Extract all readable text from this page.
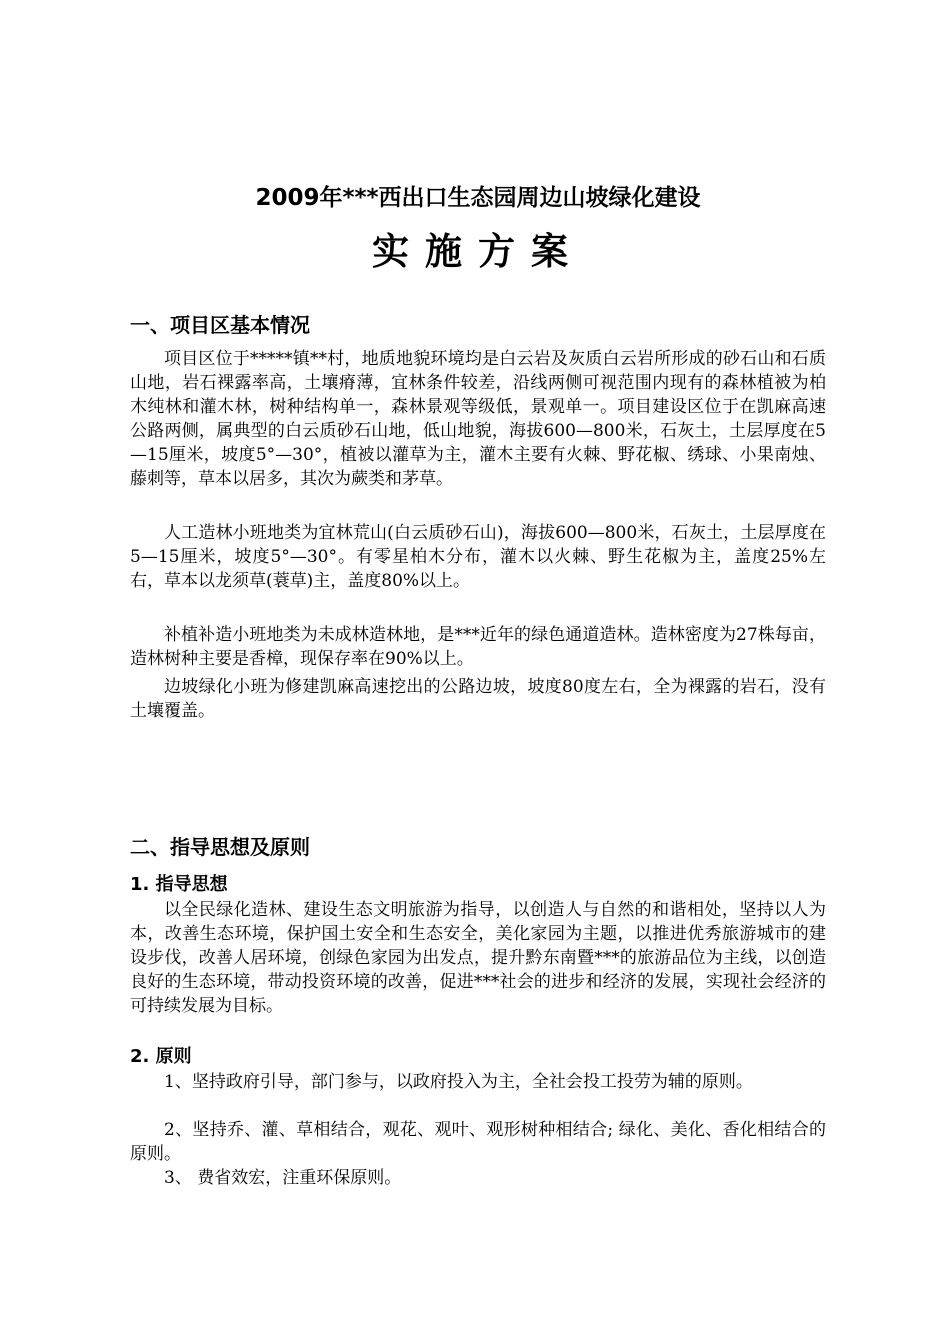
2009年***西出口生态园周边山坡绿化建设
实施方案
一、项目区基本情况

项目区位于*****镇**村，地质地貌环境均是白云岩及灰质白云岩所形成的砂石山和石质山地，岩石裸露率高，土壤瘠薄，宜林条件较差，沿线两侧可视范围内现有的森林植被为柏木纯林和灌木林，树种结构单一，森林景观等级低，景观单一。项目建设区位于在凯麻高速公路两侧，属典型的白云质砂石山地，低山地貌，海拔600—800米，石灰土，土层厚度在5—15厘米，坡度5°—30°，植被以灌草为主，灌木主要有火棘、野花椒、绣球、小果南烛、藤刺等，草本以居多，其次为蕨类和茅草。

人工造林小班地类为宜林荒山(白云质砂石山)，海拔600—800米，石灰土，土层厚度在5—15厘米，坡度5°—30°。有零星柏木分布，灌木以火棘、野生花椒为主，盖度25%左右，草本以龙须草(蓑草)主，盖度80%以上。

补植补造小班地类为未成林造林地，是***近年的绿色通道造林。造林密度为27株每亩，造林树种主要是香樟，现保存率在90%以上。

边坡绿化小班为修建凯麻高速挖出的公路边坡，坡度80度左右，全为裸露的岩石，没有土壤覆盖。

二、指导思想及原则
1. 指导思想

以全民绿化造林、建设生态文明旅游为指导，以创造人与自然的和谐相处，坚持以人为本，改善生态环境，保护国土安全和生态安全，美化家园为主题，以推进优秀旅游城市的建设步伐，改善人居环境，创绿色家园为出发点，提升黔东南暨***的旅游品位为主线，以创造良好的生态环境，带动投资环境的改善，促进***社会的进步和经济的发展，实现社会经济的可持续发展为目标。

2. 原则

1、坚持政府引导，部门参与，以政府投入为主，全社会投工投劳为辅的原则。

2、坚持乔、灌、草相结合，观花、观叶、观形树种相结合; 绿化、美化、香化相结合的原则。

3、 费省效宏，注重环保原则。
